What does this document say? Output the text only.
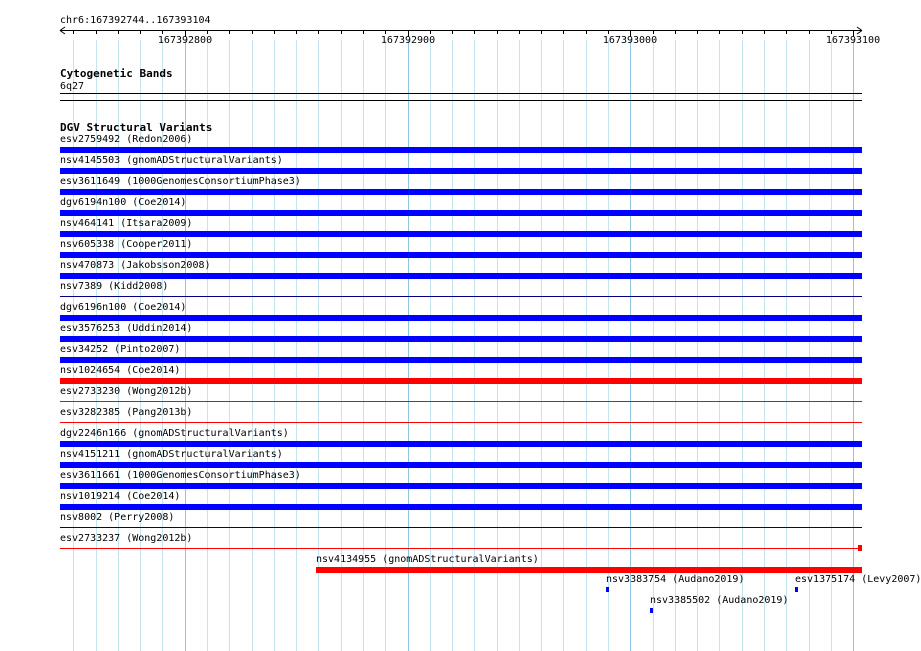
chr6:167392744..167393104
167392800	167392900	167393000	167393100
Cytogenetic Bands
6q27
DGV Structural Variants
esv2759492 (Redon2006)
nsv4145503 (gnomADStructuralVariants)
esv3611649 (1000GenomesConsortiumPhase3)
dgv6194n100 (Coe2014)
nsv464141 (Itsara2009)
nsv605338 (Cooper2011)
nsv470873 (Jakobsson2008)
nsv7389 (Kidd2008)
dgv6196n100 (Coe2014)
esv3576253 (Uddin2014)
esv34252 (Pinto2007)
nsv1024654 (Coe2014)
esv2733230 (Wong2012b)
esv3282385 (Pang2013b)
dgv2246n166 (gnomADStructuralVariants)
nsv4151211 (gnomADStructuralVariants)
esv3611661 (1000GenomesConsortiumPhase3)
nsv1019214 (Coe2014)
nsv8002 (Perry2008)
esv2733237 (Wong2012b)
nsv4134955 (gnomADStructuralVariants)
nsv3383754 (Audano2019)
nsv3385502 (Audano2019)
esv1375174 (Levy2007)
